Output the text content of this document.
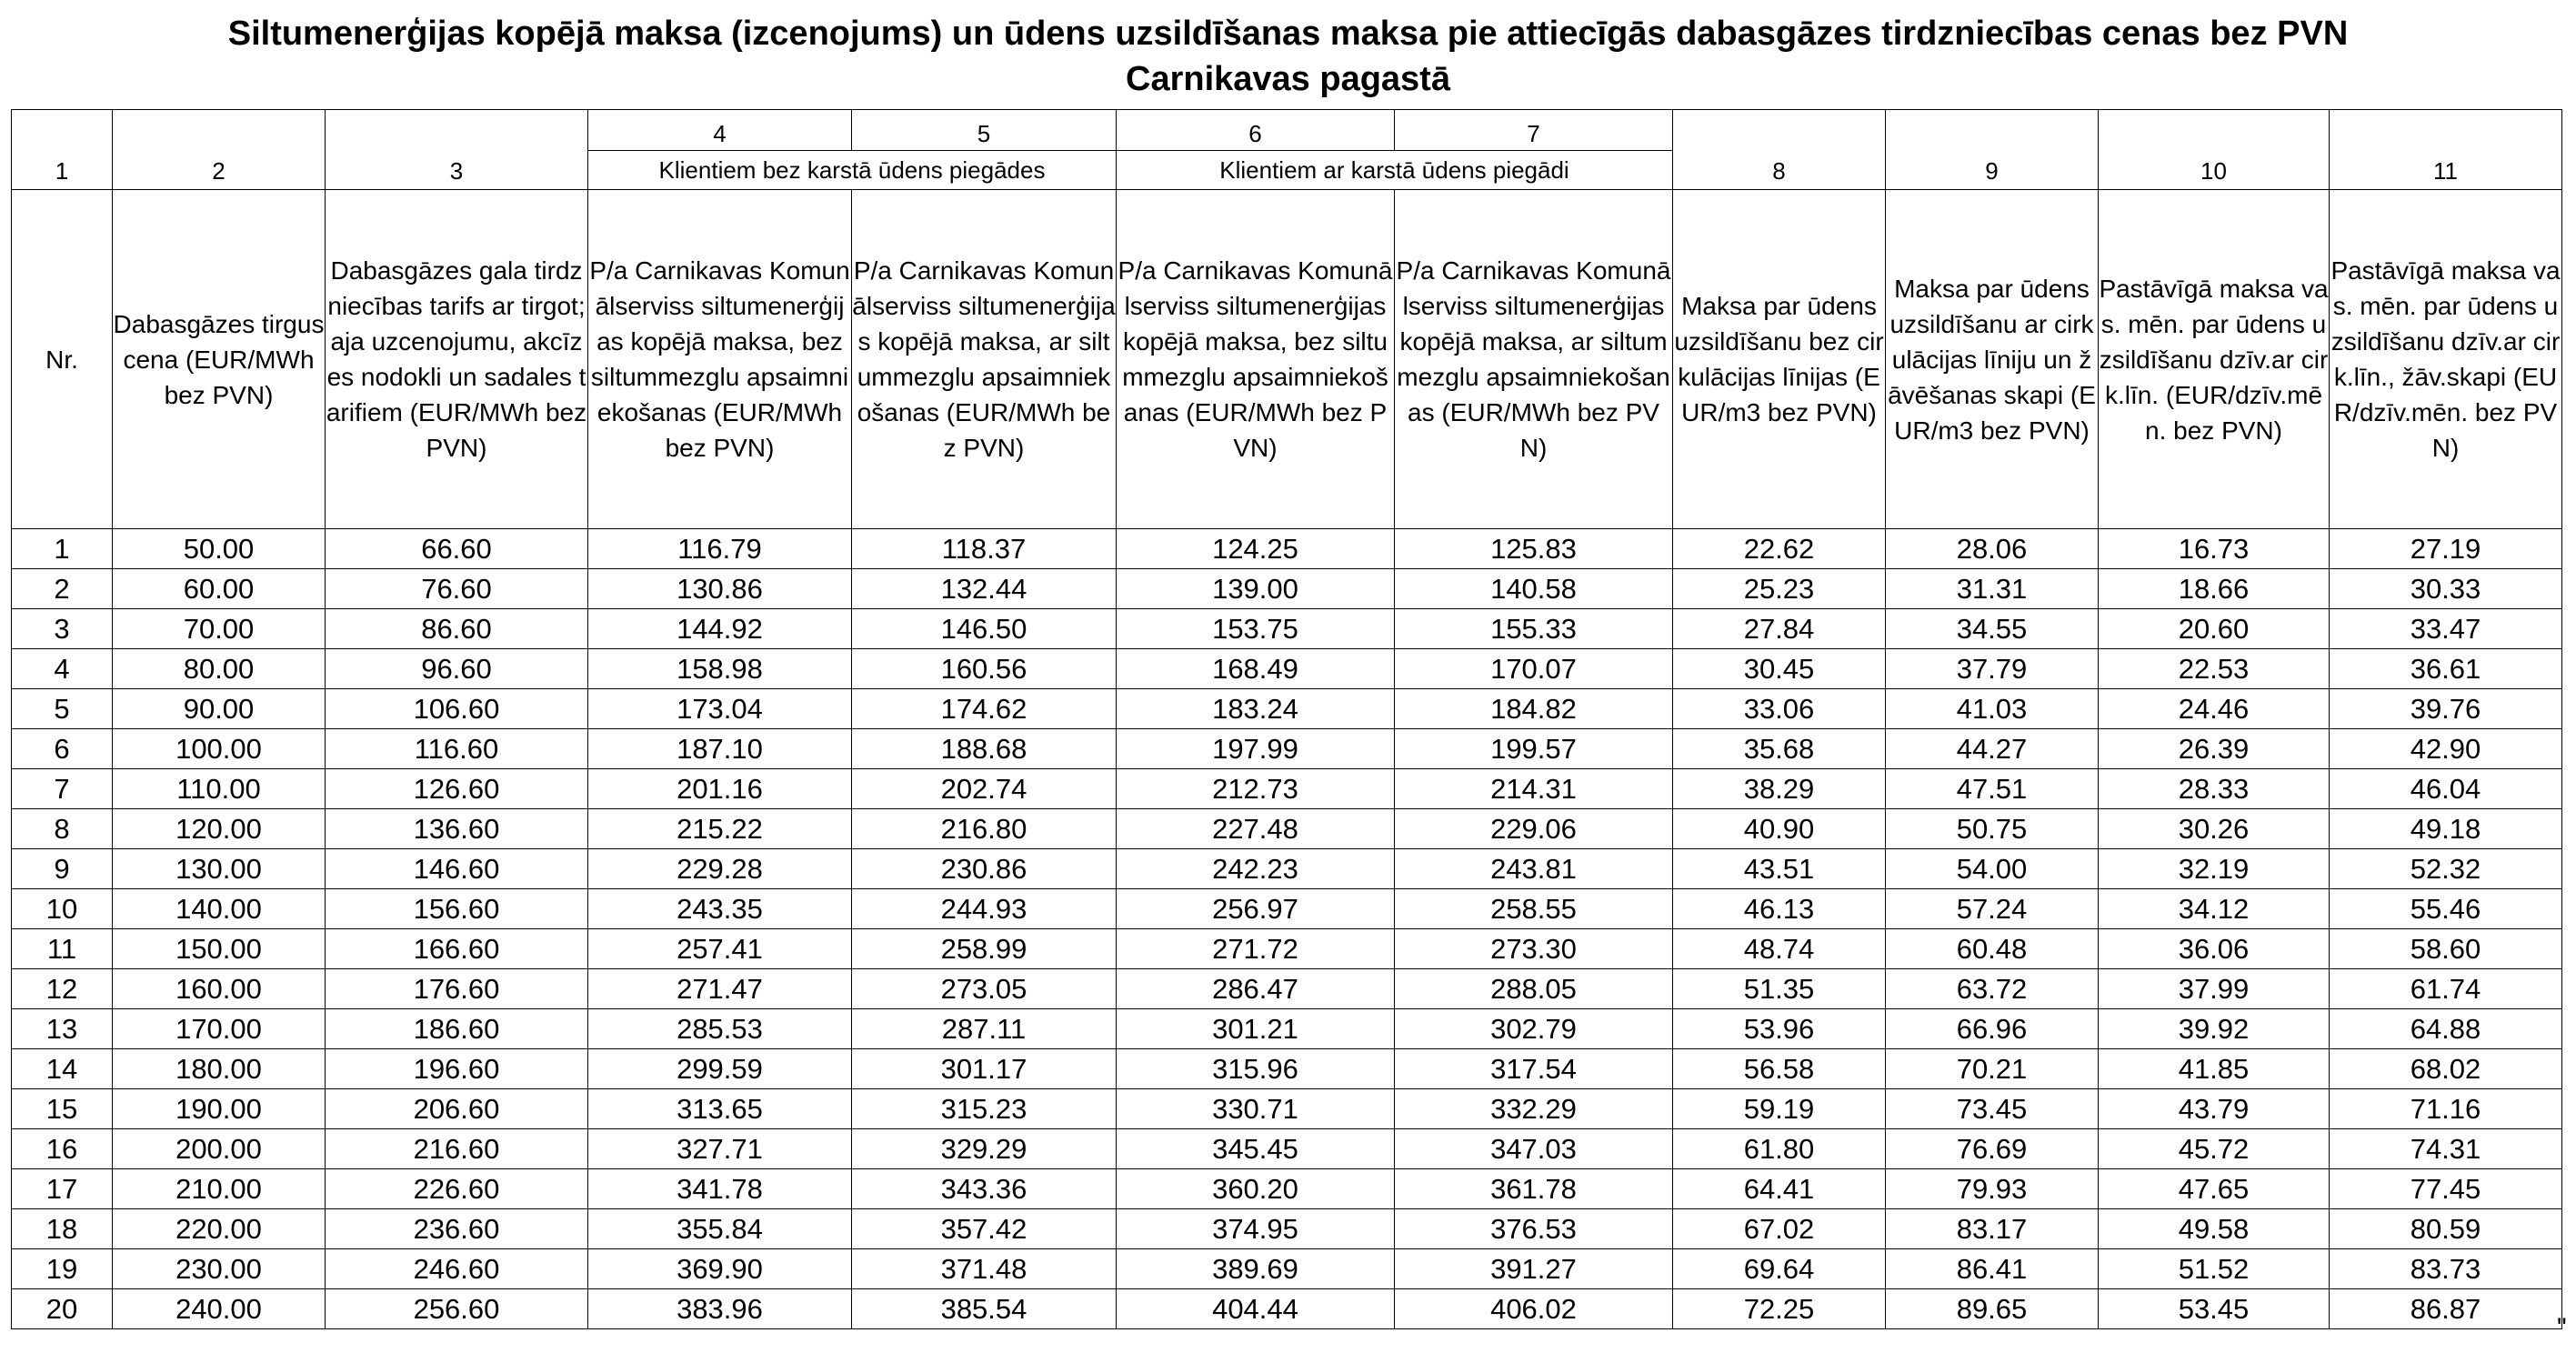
Siltumenerģijas kopējā maksa (izcenojums) un ūdens uzsildīšanas maksa pie attiecīgās dabasgāzes tirdzniecības cenas bez PVN
Carnikavas pagastā
1	2	3	4	5	6	7	8	9	10	11
			Klientiem bez karstā ūdens piegādes		Klientiem ar karstā ūdens piegādi					
Nr.	Dabasgāzes tirgus cena (EUR/MWh bez PVN)	Dabasgāzes gala tirdzniecības tarifs ar tirgot;aja uzcenojumu, akcīzes nodokli un sadales tarifiem (EUR/MWh bez PVN)	P/a Carnikavas Komunālserviss siltumenerģijas kopējā maksa, bez siltummezglu apsaimniekošanas (EUR/MWh bez PVN)	P/a Carnikavas Komunālserviss siltumenerģijas kopējā maksa, ar siltummezglu apsaimniekošanas (EUR/MWh bez PVN)	P/a Carnikavas Komunālserviss siltumenerģijas kopējā maksa, bez siltummezglu apsaimniekošanas (EUR/MWh bez PVN)	P/a Carnikavas Komunālserviss siltumenerģijas kopējā maksa, ar siltummezglu apsaimniekošanas (EUR/MWh bez PVN)	Maksa par ūdens uzsildīšanu bez cirkulācijas līnijas (EUR/m3 bez PVN)	Maksa par ūdens uzsildīšanu ar cirkulācijas līniju un žāvēšanas skapi (EUR/m3 bez PVN)	Pastāvīgā maksa vas. mēn. par ūdens uzsildīšanu dzīv.ar cirk.līn. (EUR/dzīv.mēn. bez PVN)	Pastāvīgā maksa vas. mēn. par ūdens uzsildīšanu dzīv.ar cirk.līn., žāv.skapi (EUR/dzīv.mēn. bez PVN)
1	50.00	66.60	116.79	118.37	124.25	125.83	22.62	28.06	16.73	27.19
2	60.00	76.60	130.86	132.44	139.00	140.58	25.23	31.31	18.66	30.33
3	70.00	86.60	144.92	146.50	153.75	155.33	27.84	34.55	20.60	33.47
4	80.00	96.60	158.98	160.56	168.49	170.07	30.45	37.79	22.53	36.61
5	90.00	106.60	173.04	174.62	183.24	184.82	33.06	41.03	24.46	39.76
6	100.00	116.60	187.10	188.68	197.99	199.57	35.68	44.27	26.39	42.90
7	110.00	126.60	201.16	202.74	212.73	214.31	38.29	47.51	28.33	46.04
8	120.00	136.60	215.22	216.80	227.48	229.06	40.90	50.75	30.26	49.18
9	130.00	146.60	229.28	230.86	242.23	243.81	43.51	54.00	32.19	52.32
10	140.00	156.60	243.35	244.93	256.97	258.55	46.13	57.24	34.12	55.46
11	150.00	166.60	257.41	258.99	271.72	273.30	48.74	60.48	36.06	58.60
12	160.00	176.60	271.47	273.05	286.47	288.05	51.35	63.72	37.99	61.74
13	170.00	186.60	285.53	287.11	301.21	302.79	53.96	66.96	39.92	64.88
14	180.00	196.60	299.59	301.17	315.96	317.54	56.58	70.21	41.85	68.02
15	190.00	206.60	313.65	315.23	330.71	332.29	59.19	73.45	43.79	71.16
16	200.00	216.60	327.71	329.29	345.45	347.03	61.80	76.69	45.72	74.31
17	210.00	226.60	341.78	343.36	360.20	361.78	64.41	79.93	47.65	77.45
18	220.00	236.60	355.84	357.42	374.95	376.53	67.02	83.17	49.58	80.59
19	230.00	246.60	369.90	371.48	389.69	391.27	69.64	86.41	51.52	83.73
20	240.00	256.60	383.96	385.54	404.44	406.02	72.25	89.65	53.45	86.87
"
